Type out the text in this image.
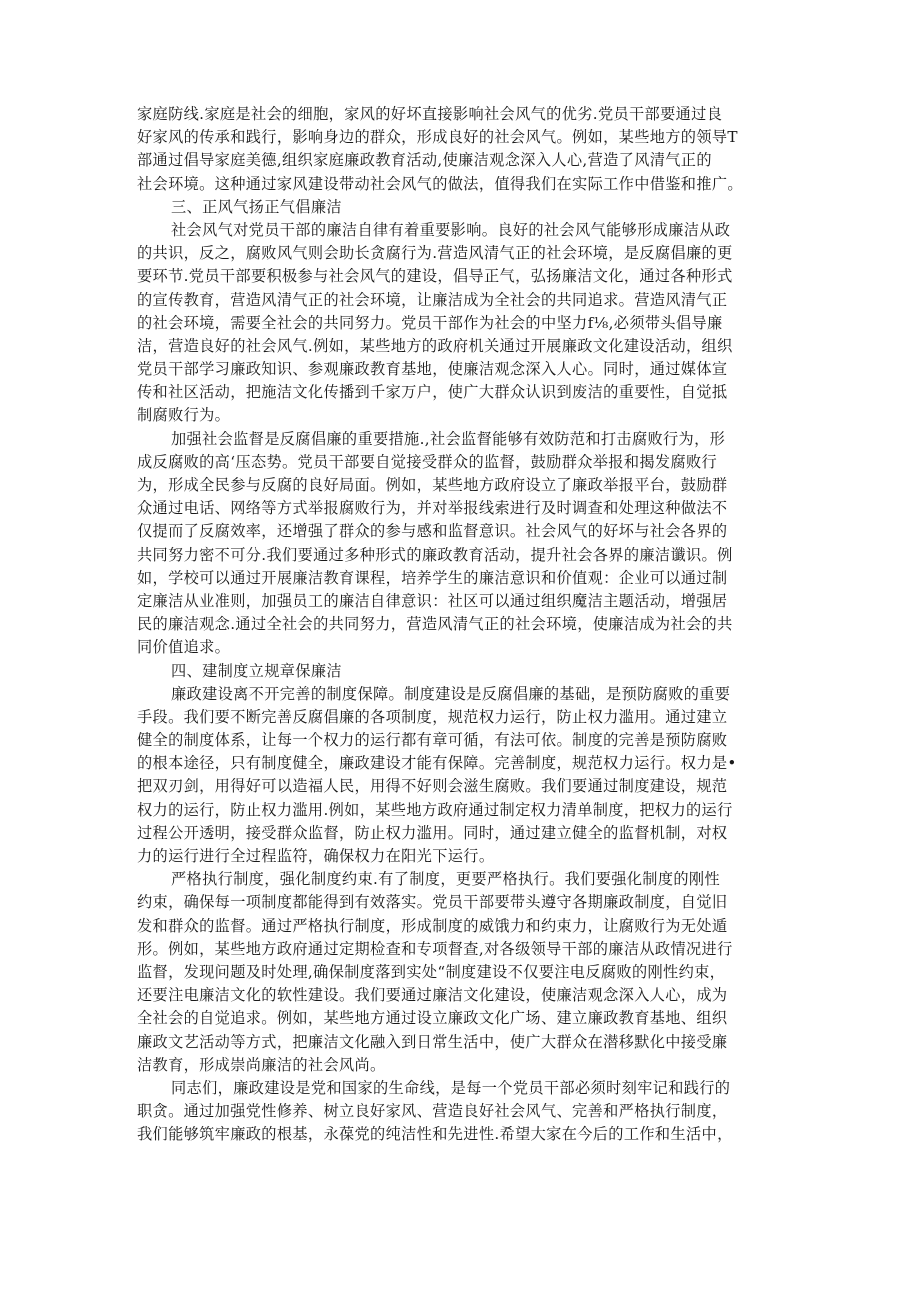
家庭防线.家庭是社会的细胞，家风的好坏直接影响社会风气的优劣.党员干部要通过良
好家风的传承和践行，影响身边的群众，形成良好的社会风气。例如，某些地方的领导T
部通过倡导家庭美德,组织家庭廉政教育活动,使廉洁观念深入人心,营造了风清气正的
社会环境。这种通过家风建设带动社会风气的做法，值得我们在实际工作中借鉴和推广。
三、正风气扬正气倡廉洁
社会风气对党员干部的廉洁自律有着重要影响。良好的社会风气能够形成廉洁从政
的共识，反之，腐败风气则会助长贪腐行为.营造风清气正的社会环境，是反腐倡廉的更
要环节.党员干部要积极参与社会风气的建设，倡导正气，弘扬廉洁文化，通过各种形式
的宣传教育，营造风清气正的社会环境，让廉洁成为全社会的共同追求。营造风清气正
的社会环境，需要全社会的共同努力。党员干部作为社会的中坚力f⅛,必须带头倡导廉
洁，营造良好的社会风气.例如，某些地方的政府机关通过开展廉政文化建设活动，组织
党员干部学习廉政知识、参观廉政教育基地，使廉洁观念深入人心。同时，通过媒体宣
传和社区活动，把施洁文化传播到千家万户，使广大群众认识到废洁的重要性，自觉抵
制腐败行为。
加强社会监督是反腐倡廉的重要措施.,社会监督能够有效防范和打击腐败行为，形
成反腐败的高‘压态势。党员干部要自觉接受群众的监督，鼓励群众举报和揭发腐败行
为，形成全民参与反腐的良好局面。例如，某些地方政府设立了廉政举报平台，鼓励群
众通过电话、网络等方式举报腐败行为，并对举报线索进行及时调查和处理这种做法不
仅提而了反腐效率，还增强了群众的参与感和监督意识。社会风气的好坏与社会各界的
共同努力密不可分.我们要通过多种形式的廉政教育活动，提升社会各界的廉洁谶识。例
如，学校可以通过开展廉洁教育课程，培养学生的廉洁意识和价值观：企业可以通过制
定廉洁从业准则，加强员工的廉洁自律意识：社区可以通过组织魔洁主题活动，增强居
民的廉洁观念.通过全社会的共同努力，营造风清气正的社会环境，使廉洁成为社会的共
同价值追求。
四、建制度立规章保廉洁
廉政建设离不开完善的制度保障。制度建设是反腐倡廉的基础，是预防腐败的重要
手段。我们要不断完善反腐倡廉的各项制度，规范权力运行，防止权力滥用。通过建立
健全的制度体系，让每一个权力的运行都有章可循，有法可依。制度的完善是预防腐败
的根本途径，只有制度健全，廉政建设才能有保障。完善制度，规范权力运行。权力是•
把双刃剑，用得好可以造福人民，用得不好则会滋生腐败。我们要通过制度建设，规范
权力的运行，防止权力滥用.例如，某些地方政府通过制定权力清单制度，把权力的运行
过程公开透明，接受群众监督，防止权力滥用。同时，通过建立健全的监督机制，对权
力的运行进行全过程监符，确保权力在阳光下运行。
严格执行制度，强化制度约束.有了制度，更要严格执行。我们要强化制度的刚性
约束，确保每一项制度都能得到有效落实。党员干部要带头遵守各期廉政制度，自觉旧
发和群众的监督。通过严格执行制度，形成制度的威饿力和约束力，让腐败行为无处遁
形。例如，某些地方政府通过定期检查和专项督查,对各级领导干部的廉洁从政情况进行
监督，发现问题及时处理,确保制度落到实处“制度建设不仅要注电反腐败的刚性约束，
还要注电廉洁文化的软性建设。我们要通过廉洁文化建设，使廉洁观念深入人心，成为
全社会的自觉追求。例如，某些地方通过设立廉政文化广场、建立廉政教育基地、组织
廉政文艺活动等方式，把廉洁文化融入到日常生活中，使广大群众在潜移默化中接受廉
洁教育，形成崇尚廉洁的社会风尚。
同志们，廉政建设是党和国家的生命线，是每一个党员干部必须时刻牢记和践行的
职贪。通过加强党性修养、树立良好家风、营造良好社会风气、完善和严格执行制度，
我们能够筑牢廉政的根基，永葆党的纯洁性和先进性.希望大家在今后的工作和生活中，
